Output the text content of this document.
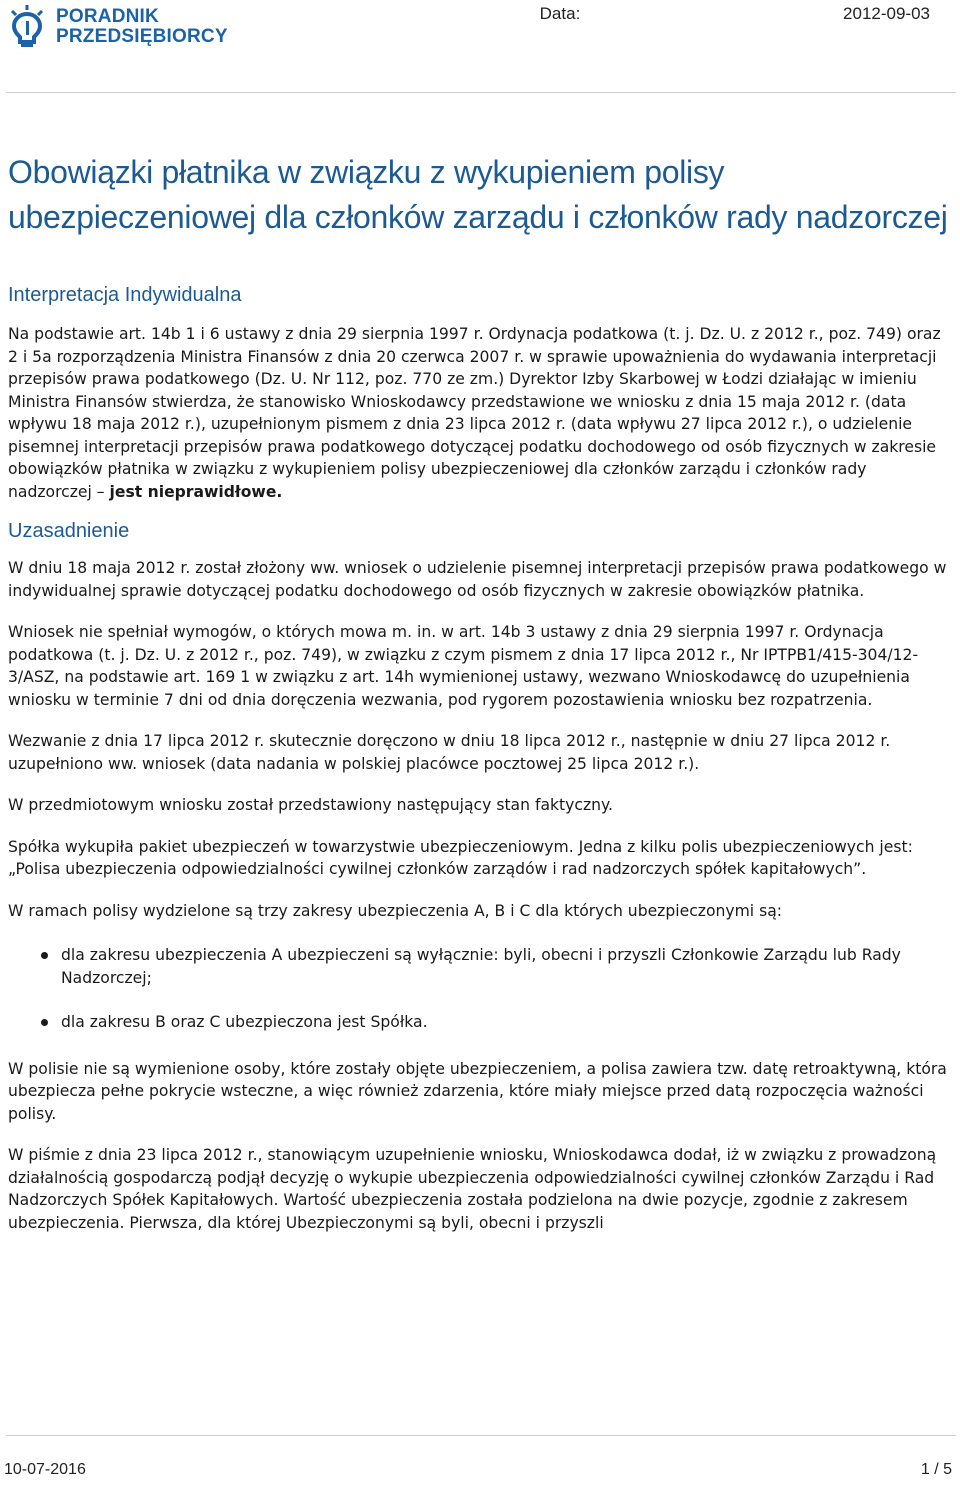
PORADNIK
PRZEDSIĘBIORCY
Data:	2012-09-03
Obowiązki płatnika w związku z wykupieniem polisy ubezpieczeniowej dla członków zarządu i członków rady nadzorczej
Interpretacja Indywidualna

Na podstawie art. 14b 1 i 6 ustawy z dnia 29 sierpnia 1997 r. Ordynacja podatkowa (t. j. Dz. U. z 2012 r., poz. 749) oraz 2 i 5a rozporządzenia Ministra Finansów z dnia 20 czerwca 2007 r. w sprawie upoważnienia do wydawania interpretacji przepisów prawa podatkowego (Dz. U. Nr 112, poz. 770 ze zm.) Dyrektor Izby Skarbowej w Łodzi działając w imieniu Ministra Finansów stwierdza, że stanowisko Wnioskodawcy przedstawione we wniosku z dnia 15 maja 2012 r. (data wpływu 18 maja 2012 r.), uzupełnionym pismem z dnia 23 lipca 2012 r. (data wpływu 27 lipca 2012 r.), o udzielenie pisemnej interpretacji przepisów prawa podatkowego dotyczącej podatku dochodowego od osób fizycznych w zakresie obowiązków płatnika w związku z wykupieniem polisy ubezpieczeniowej dla członków zarządu i członków rady nadzorczej – jest nieprawidłowe.

Uzasadnienie

W dniu 18 maja 2012 r. został złożony ww. wniosek o udzielenie pisemnej interpretacji przepisów prawa podatkowego w indywidualnej sprawie dotyczącej podatku dochodowego od osób fizycznych w zakresie obowiązków płatnika.

Wniosek nie spełniał wymogów, o których mowa m. in. w art. 14b 3 ustawy z dnia 29 sierpnia 1997 r. Ordynacja podatkowa (t. j. Dz. U. z 2012 r., poz. 749), w związku z czym pismem z dnia 17 lipca 2012 r., Nr IPTPB1/415-304/12-3/ASZ, na podstawie art. 169 1 w związku z art. 14h wymienionej ustawy, wezwano Wnioskodawcę do uzupełnienia wniosku w terminie 7 dni od dnia doręczenia wezwania, pod rygorem pozostawienia wniosku bez rozpatrzenia.

Wezwanie z dnia 17 lipca 2012 r. skutecznie doręczono w dniu 18 lipca 2012 r., następnie w dniu 27 lipca 2012 r. uzupełniono ww. wniosek (data nadania w polskiej placówce pocztowej 25 lipca 2012 r.).

W przedmiotowym wniosku został przedstawiony następujący stan faktyczny.

Spółka wykupiła pakiet ubezpieczeń w towarzystwie ubezpieczeniowym. Jedna z kilku polis ubezpieczeniowych jest: „Polisa ubezpieczenia odpowiedzialności cywilnej członków zarządów i rad nadzorczych spółek kapitałowych”.

W ramach polisy wydzielone są trzy zakresy ubezpieczenia A, B i C dla których ubezpieczonymi są:

dla zakresu ubezpieczenia A ubezpieczeni są wyłącznie: byli, obecni i przyszli Członkowie Zarządu lub Rady Nadzorczej;
dla zakresu B oraz C ubezpieczona jest Spółka.

W polisie nie są wymienione osoby, które zostały objęte ubezpieczeniem, a polisa zawiera tzw. datę retroaktywną, która ubezpiecza pełne pokrycie wsteczne, a więc również zdarzenia, które miały miejsce przed datą rozpoczęcia ważności polisy.

W piśmie z dnia 23 lipca 2012 r., stanowiącym uzupełnienie wniosku, Wnioskodawca dodał, iż w związku z prowadzoną działalnością gospodarczą podjął decyzję o wykupie ubezpieczenia odpowiedzialności cywilnej członków Zarządu i Rad Nadzorczych Spółek Kapitałowych. Wartość ubezpieczenia została podzielona na dwie pozycje, zgodnie z zakresem ubezpieczenia. Pierwsza, dla której Ubezpieczonymi są byli, obecni i przyszli

10-07-2016	1 / 5
